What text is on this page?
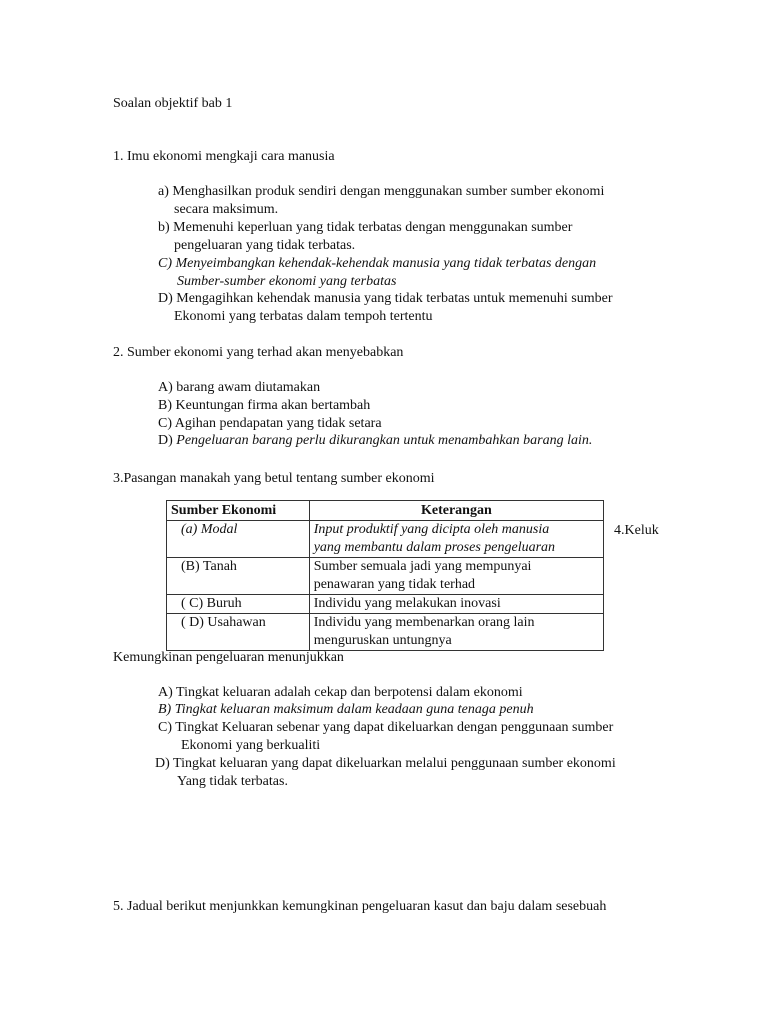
Soalan objektif bab 1
1. Imu ekonomi mengkaji cara manusia
a) Menghasilkan produk sendiri dengan menggunakan sumber sumber ekonomi
secara maksimum.
b) Memenuhi keperluan yang tidak terbatas dengan menggunakan sumber
pengeluaran yang tidak terbatas.
C) Menyeimbangkan kehendak-kehendak manusia yang tidak terbatas dengan
Sumber-sumber ekonomi yang terbatas
D) Mengagihkan kehendak manusia yang tidak terbatas untuk memenuhi sumber
Ekonomi yang terbatas dalam tempoh tertentu
2. Sumber ekonomi yang terhad akan menyebabkan
A) barang awam diutamakan
B) Keuntungan firma akan bertambah
C) Agihan pendapatan yang tidak setara
D) Pengeluaran barang perlu dikurangkan untuk menambahkan barang lain.
3.Pasangan manakah yang betul tentang sumber ekonomi
Sumber Ekonomi	Keterangan
(a) Modal	Input produktif yang dicipta oleh manusia
yang membantu dalam proses pengeluaran

(B) Tanah	Sumber semuala jadi yang mempunyai
penawaran yang tidak terhad

( C) Buruh	Individu yang melakukan inovasi

( D) Usahawan	Individu yang membenarkan orang lain
menguruskan untungnya
4.Keluk
Kemungkinan pengeluaran menunjukkan
A) Tingkat keluaran adalah cekap dan berpotensi dalam ekonomi
B) Tingkat keluaran maksimum dalam keadaan guna tenaga penuh
C) Tingkat Keluaran sebenar yang dapat dikeluarkan dengan penggunaan sumber
Ekonomi yang berkualiti
D) Tingkat keluaran yang dapat dikeluarkan melalui penggunaan sumber ekonomi
Yang tidak terbatas.
5. Jadual berikut menjunkkan kemungkinan pengeluaran kasut dan baju dalam sesebuah
